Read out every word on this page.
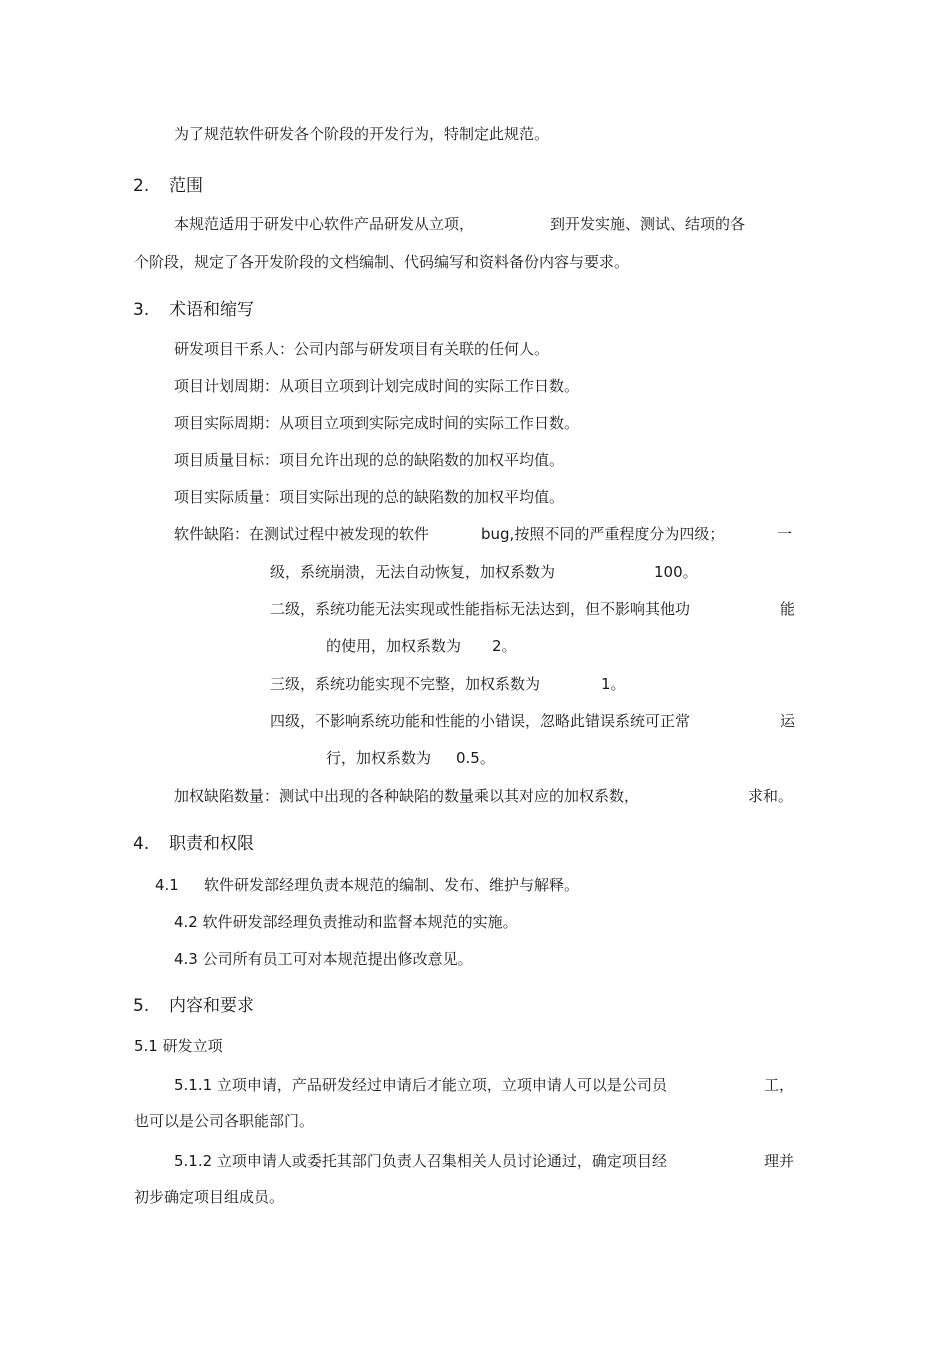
为了规范软件研发各个阶段的开发行为，特制定此规范。
2. 范围
本规范适用于研发中心软件产品研发从立项，	到开发实施、测试、结项的各
个阶段，规定了各开发阶段的文档编制、代码编写和资料备份内容与要求。
3. 术语和缩写
研发项目干系人：公司内部与研发项目有关联的任何人。
项目计划周期：从项目立项到计划完成时间的实际工作日数。
项目实际周期：从项目立项到实际完成时间的实际工作日数。
项目质量目标：项目允许出现的总的缺陷数的加权平均值。
项目实际质量：项目实际出现的总的缺陷数的加权平均值。
软件缺陷：在测试过程中被发现的软件	bug,按照不同的严重程度分为四级；	一
级，系统崩溃，无法自动恢复，加权系数为	100。
二级，系统功能无法实现或性能指标无法达到，但不影响其他功	能
的使用，加权系数为 2。
三级，系统功能实现不完整，加权系数为	1。
四级，不影响系统功能和性能的小错误，忽略此错误系统可正常	运
行，加权系数为 0.5。
加权缺陷数量：测试中出现的各种缺陷的数量乘以其对应的加权系数，	求和。
4. 职责和权限
4.1 软件研发部经理负责本规范的编制、发布、维护与解释。
4.2 软件研发部经理负责推动和监督本规范的实施。
4.3 公司所有员工可对本规范提出修改意见。
5. 内容和要求
5.1 研发立项
5.1.1 立项申请，产品研发经过申请后才能立项，立项申请人可以是公司员	工，
也可以是公司各职能部门。
5.1.2 立项申请人或委托其部门负责人召集相关人员讨论通过，确定项目经	理并
初步确定项目组成员。
